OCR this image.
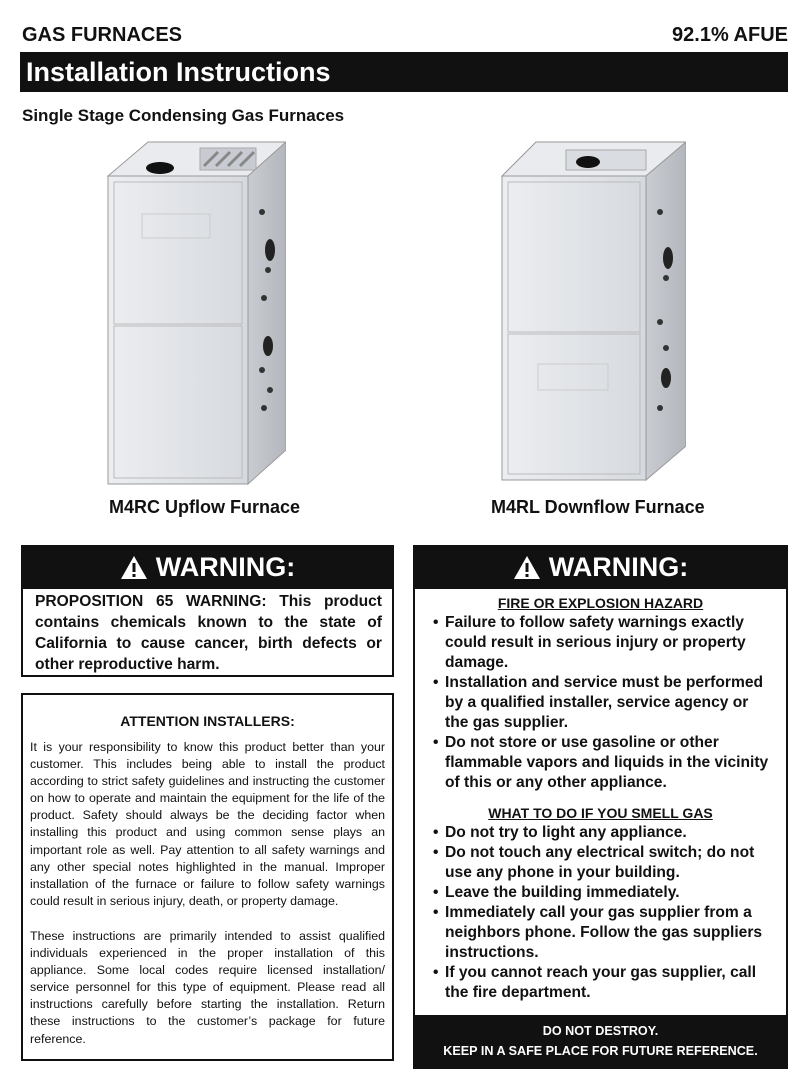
GAS FURNACES	92.1% AFUE
Installation Instructions
Single Stage Condensing Gas Furnaces
M4RC Upflow Furnace	M4RL Downflow Furnace
WARNING:
PROPOSITION 65 WARNING: This product contains chemicals known to the state of California to cause cancer, birth defects or other reproductive harm.
ATTENTION INSTALLERS:

It is your responsibility to know this product better than your customer. This includes being able to install the product according to strict safety guidelines and instructing the customer on how to operate and maintain the equipment for the life of the product. Safety should always be the deciding factor when installing this product and using common sense plays an important role as well. Pay attention to all safety warnings and any other special notes highlighted in the manual. Improper installation of the furnace or failure to follow safety warnings could result in serious injury, death, or property damage.

These instructions are primarily intended to assist qualified individuals experienced in the proper installation of this appliance. Some local codes require licensed installation/ service personnel for this type of equipment. Please read all instructions carefully before starting the installation. Return these instructions to the customer’s package for future reference.

WARNING:
FIRE OR EXPLOSION HAZARD
• Failure to follow safety warnings exactly could result in serious injury or property damage.
• Installation and service must be performed by a qualified installer, service agency or the gas supplier.
• Do not store or use gasoline or other flammable vapors and liquids in the vicinity of this or any other appliance.
WHAT TO DO IF YOU SMELL GAS
• Do not try to light any appliance.
• Do not touch any electrical switch; do not use any phone in your building.
• Leave the building immediately.
• Immediately call your gas supplier from a neighbors phone. Follow the gas suppliers instructions.
• If you cannot reach your gas supplier, call the fire department.
DO NOT DESTROY.
KEEP IN A SAFE PLACE FOR FUTURE REFERENCE.
